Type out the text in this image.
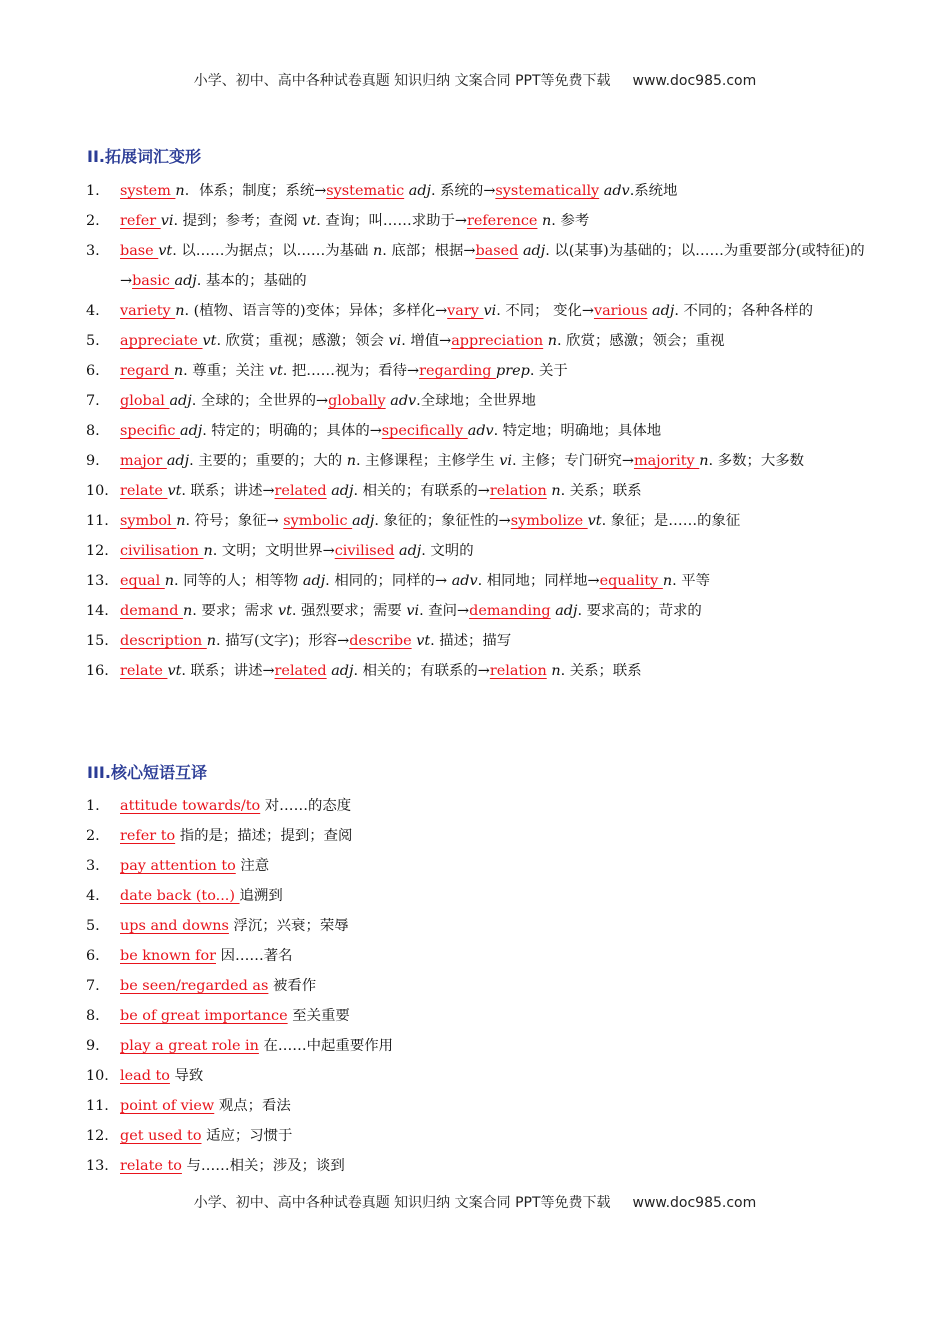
小学、初中、高中各种试卷真题 知识归纳 文案合同 PPT等免费下载 www.doc985.com
II.拓展词汇变形
1. system n．体系；制度；系统→systematic adj. 系统的→systematically adv.系统地
2. refer vi. 提到；参考；查阅 vt. 查询；叫……求助于→reference n. 参考
3. base vt. 以……为据点；以……为基础 n. 底部；根据→based adj. 以(某事)为基础的；以……为重要部分(或特征)的→basic adj. 基本的；基础的
4. variety n. (植物、语言等的)变体；异体；多样化→vary vi. 不同； 变化→various adj. 不同的；各种各样的
5. appreciate vt. 欣赏；重视；感激；领会 vi. 增值→appreciation n. 欣赏；感激；领会；重视
6. regard n. 尊重；关注 vt. 把……视为；看待→regarding prep. 关于
7. global adj. 全球的；全世界的→globally adv.全球地；全世界地
8. specific adj. 特定的；明确的；具体的→specifically adv. 特定地；明确地；具体地
9. major adj. 主要的；重要的；大的 n. 主修课程；主修学生 vi. 主修；专门研究→majority n. 多数；大多数
10. relate vt. 联系；讲述→related adj. 相关的；有联系的→relation n. 关系；联系
11. symbol n. 符号；象征→ symbolic adj. 象征的；象征性的→symbolize vt. 象征；是……的象征
12. civilisation n. 文明；文明世界→civilised adj. 文明的
13. equal n. 同等的人；相等物 adj. 相同的；同样的→ adv. 相同地；同样地→equality n. 平等
14. demand n. 要求；需求 vt. 强烈要求；需要 vi. 查问→demanding adj. 要求高的；苛求的
15. description n. 描写(文字)；形容→describe vt. 描述；描写
16. relate vt. 联系；讲述→related adj. 相关的；有联系的→relation n. 关系；联系
III.核心短语互译
1. attitude towards/to 对……的态度
2. refer to 指的是；描述；提到；查阅
3. pay attention to 注意
4. date back (to...) 追溯到
5. ups and downs 浮沉；兴衰；荣辱
6. be known for 因……著名
7. be seen/regarded as 被看作
8. be of great importance 至关重要
9. play a great role in 在……中起重要作用
10. lead to 导致
11. point of view 观点；看法
12. get used to 适应；习惯于
13. relate to 与……相关；涉及；谈到
小学、初中、高中各种试卷真题 知识归纳 文案合同 PPT等免费下载 www.doc985.com
